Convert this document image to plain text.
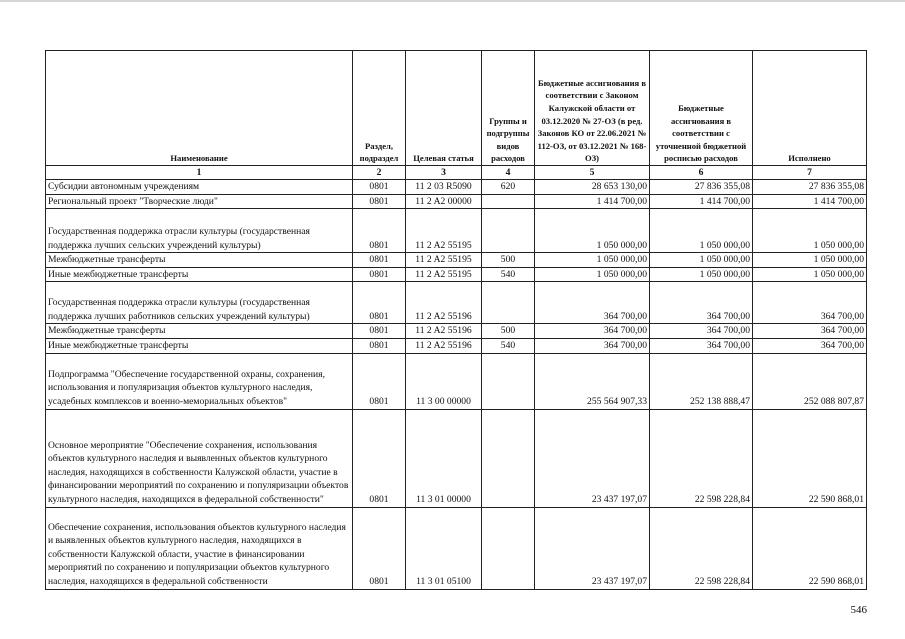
Наименование	Раздел, подраздел	Целевая статья	Группы и подгруппы видов расходов	Бюджетные ассигнования в соответствии с Законом Калужской области от 03.12.2020 № 27-ОЗ (в ред. Законов КО от 22.06.2021 № 112-ОЗ, от 03.12.2021 № 168-ОЗ)	Бюджетные ассигнования в соответствии с уточненной бюджетной росписью расходов	Исполнено
1	2	3	4	5	6	7
Субсидии автономным учреждениям	0801	11 2 03 R5090	620	28 653 130,00	27 836 355,08	27 836 355,08
Региональный проект "Творческие люди"	0801	11 2 A2 00000		1 414 700,00	1 414 700,00	1 414 700,00
Государственная поддержка отрасли культуры (государственная поддержка лучших сельских учреждений культуры)	0801	11 2 A2 55195		1 050 000,00	1 050 000,00	1 050 000,00
Межбюджетные трансферты	0801	11 2 A2 55195	500	1 050 000,00	1 050 000,00	1 050 000,00
Иные межбюджетные трансферты	0801	11 2 A2 55195	540	1 050 000,00	1 050 000,00	1 050 000,00
Государственная поддержка отрасли культуры (государственная поддержка лучших работников сельских учреждений культуры)	0801	11 2 A2 55196		364 700,00	364 700,00	364 700,00
Межбюджетные трансферты	0801	11 2 A2 55196	500	364 700,00	364 700,00	364 700,00
Иные межбюджетные трансферты	0801	11 2 A2 55196	540	364 700,00	364 700,00	364 700,00
Подпрограмма "Обеспечение государственной охраны, сохранения, использования и популяризация объектов культурного наследия, усадебных комплексов и военно-мемориальных объектов"	0801	11 3 00 00000		255 564 907,33	252 138 888,47	252 088 807,87
Основное мероприятие "Обеспечение сохранения, использования объектов культурного наследия и выявленных объектов культурного наследия, находящихся в собственности Калужской области, участие в финансировании мероприятий по сохранению и популяризации объектов культурного наследия, находящихся в федеральной собственности"	0801	11 3 01 00000		23 437 197,07	22 598 228,84	22 590 868,01
Обеспечение сохранения, использования объектов культурного наследия и выявленных объектов культурного наследия, находящихся в собственности Калужской области, участие в финансировании мероприятий по сохранению и популяризации объектов культурного наследия, находящихся в федеральной собственности	0801	11 3 01 05100		23 437 197,07	22 598 228,84	22 590 868,01
546
